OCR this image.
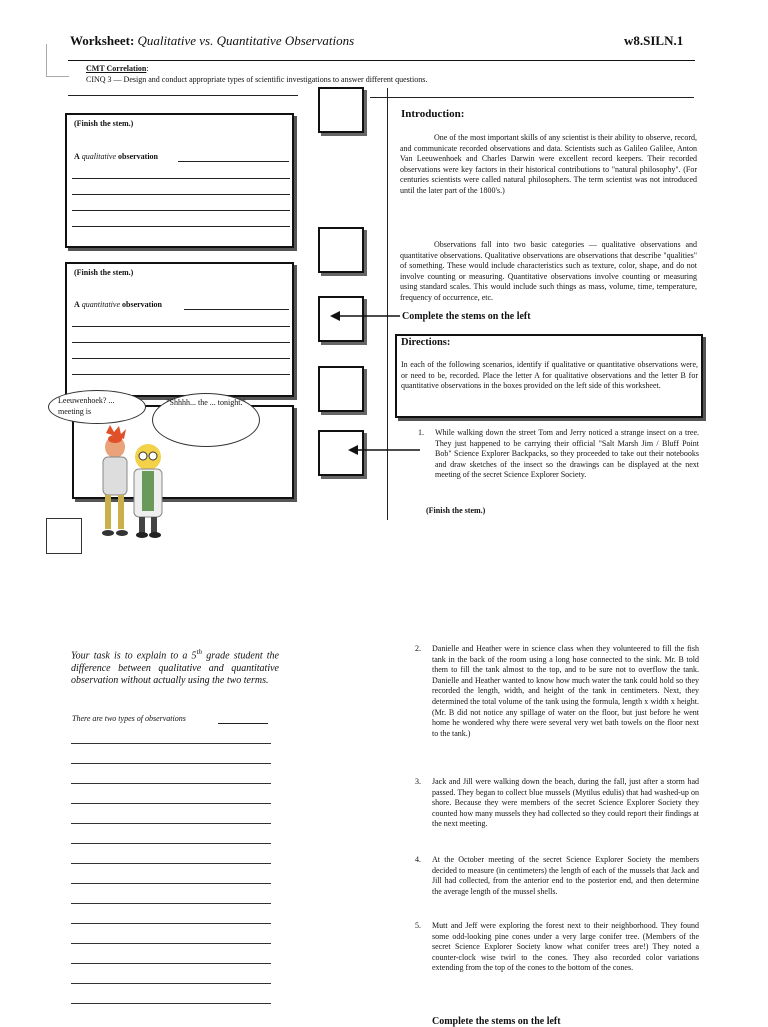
Worksheet: Qualitative vs. Quantitative Observations	w8.SILN.1
CMT Correlation:
CINQ 3 — Design and conduct appropriate types of scientific investigations to answer different questions.
(Finish the stem.)
A qualitative observation
(Finish the stem.)
A quantitative observation
Leeuwenhoek? ... meeting is
"Shhhh... the ... tonight."
Introduction:
One of the most important skills of any scientist is their ability to observe, record, and communicate recorded observations and data. Scientists such as Galileo Galilee, Anton Van Leeuwenhoek and Charles Darwin were excellent record keepers. Their recorded observations were key factors in their historical contributions to "natural philosophy". (For centuries scientists were called natural philosophers. The term scientist was not introduced until the later part of the 1800's.)
Observations fall into two basic categories — qualitative observations and quantitative observations. Qualitative observations are observations that describe "qualities" of something. These would include characteristics such as texture, color, shape, and do not involve counting or measuring. Quantitative observations involve counting or measuring using standard scales. This would include such things as mass, volume, time, temperature, frequency of occurrence, etc.
Complete the stems on the left
Directions:
In each of the following scenarios, identify if qualitative or quantitative observations were, or need to be, recorded. Place the letter A for qualitative observations and the letter B for quantitative observations in the boxes provided on the left side of this worksheet.
1. While walking down the street Tom and Jerry noticed a strange insect on a tree. They just happened to be carrying their official "Salt Marsh Jim / Bluff Point Bob" Science Explorer Backpacks, so they proceeded to take out their notebooks and draw sketches of the insect so the drawings can be displayed at the next meeting of the secret Science Explorer Society.
(Finish the stem.)
Your task is to explain to a 5th grade student the difference between qualitative and quantitative observation without actually using the two terms.
There are two types of observations
2. Danielle and Heather were in science class when they volunteered to fill the fish tank in the back of the room using a long hose connected to the sink. Mr. B told them to fill the tank almost to the top, and to be sure not to overflow the tank. Danielle and Heather wanted to know how much water the tank could hold so they recorded the length, width, and height of the tank in centimeters. Next, they determined the total volume of the tank using the formula, length x width x height. (Mr. B did not notice any spillage of water on the floor, but just before he went home he wondered why there were several very wet bath towels on the floor next to the tank.)
3. Jack and Jill were walking down the beach, during the fall, just after a storm had passed. They began to collect blue mussels (Mytilus edulis) that had washed-up on shore. Because they were members of the secret Science Explorer Society they counted how many mussels they had collected so they could report their findings at the next meeting.
4. At the October meeting of the secret Science Explorer Society the members decided to measure (in centimeters) the length of each of the mussels that Jack and Jill had collected, from the anterior end to the posterior end, and then determine the average length of the mussel shells.
5. Mutt and Jeff were exploring the forest next to their neighborhood. They found some odd-looking pine cones under a very large conifer tree. (Members of the secret Science Explorer Society know what conifer trees are!) They noted a counter-clock wise twirl to the cones. They also recorded color variations extending from the top of the cones to the bottom of the cones.
Complete the stems on the left
